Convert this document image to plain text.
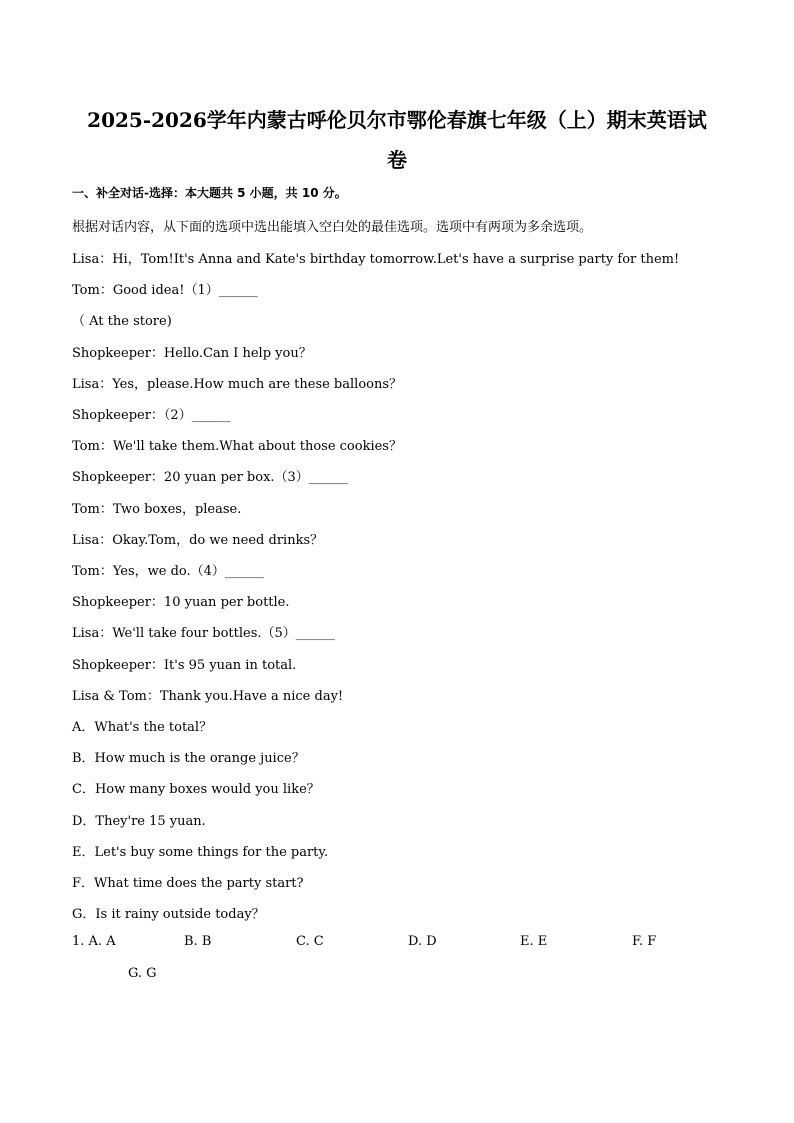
2025-2026学年内蒙古呼伦贝尔市鄂伦春旗七年级（上）期末英语试
卷
一、补全对话-选择：本大题共 5 小题，共 10 分。
根据对话内容，从下面的选项中选出能填入空白处的最佳选项。选项中有两项为多余选项。
Lisa：Hi，Tom!It's Anna and Kate's birthday tomorrow.Let's have a surprise party for them!
Tom：Good idea!（1）______
（ At the store)
Shopkeeper：Hello.Can I help you？
Lisa：Yes，please.How much are these balloons？
Shopkeeper：（2）______
Tom：We'll take them.What about those cookies？
Shopkeeper：20 yuan per box.（3）______
Tom：Two boxes，please.
Lisa：Okay.Tom，do we need drinks？
Tom：Yes，we do.（4）______
Shopkeeper：10 yuan per bottle.
Lisa：We'll take four bottles.（5）______
Shopkeeper：It's 95 yuan in total.
Lisa & Tom：Thank you.Have a nice day!
A．What's the total？
B．How much is the orange juice？
C．How many boxes would you like？
D．They're 15 yuan.
E．Let's buy some things for the party.
F．What time does the party start?
G．Is it rainy outside today？
1. A. A	B. B	C. C	D. D	E. E	F. F
G. G
